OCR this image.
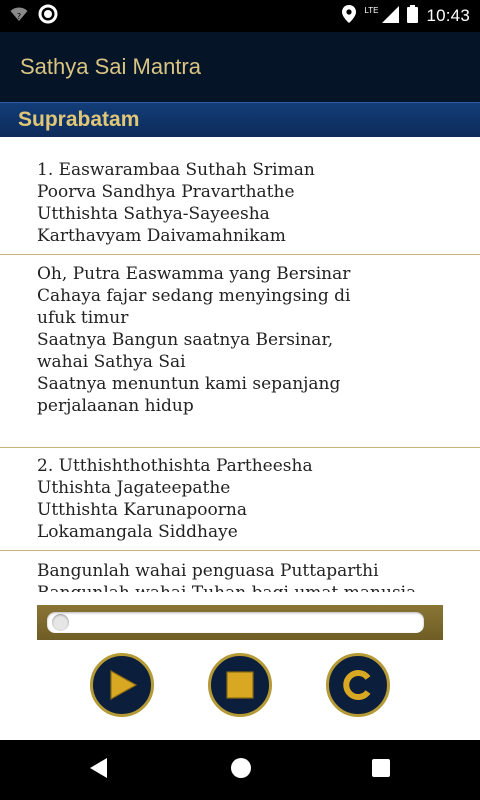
?
LTE	10:43
Sathya Sai Mantra
Suprabatam
1. Easwarambaa Suthah Sriman
Poorva Sandhya Pravarthathe
Utthishta Sathya-Sayeesha
Karthavyam Daivamahnikam
Oh, Putra Easwamma yang Bersinar
Cahaya fajar sedang menyingsing di
ufuk timur
Saatnya Bangun saatnya Bersinar,
wahai Sathya Sai
Saatnya menuntun kami sepanjang
perjalaanan hidup
2. Utthishthothishta Partheesha
Uthishta Jagateepathe
Utthishta Karunapoorna
Lokamangala Siddhaye
Bangunlah wahai penguasa Puttaparthi
